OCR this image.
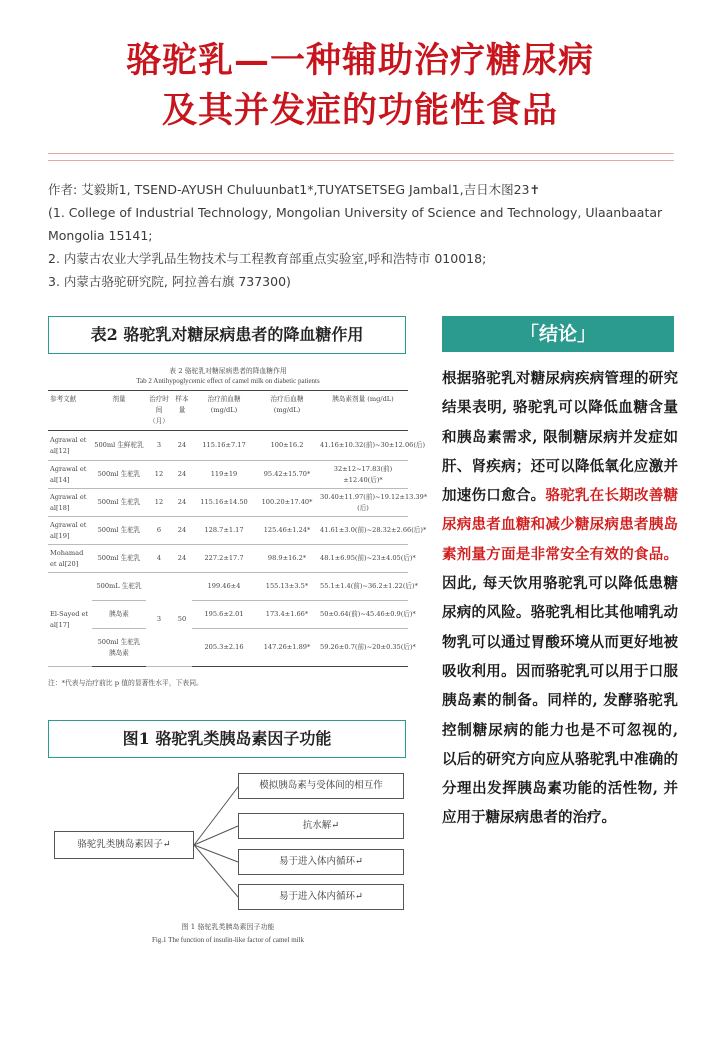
骆驼乳—一种辅助治疗糖尿病
及其并发症的功能性食品
作者: 艾毅斯1, TSEND-AYUSH Chuluunbat1*,TUYATSETSEG Jambal1,吉日木图23✝
(1. College of Industrial Technology, Mongolian University of Science and Technology, Ulaanbaatar
Mongolia 15141;
2. 内蒙古农业大学乳品生物技术与工程教育部重点实验室,呼和浩特市 010018;
3. 内蒙古骆驼研究院, 阿拉善右旗 737300)
表2 骆驼乳对糖尿病患者的降血糖作用
表 2 骆驼乳对糖尿病患者的降血糖作用
Tab 2 Antihypoglycemic effect of camel milk on diabetic patients
参考文献	剂量	治疗时间（月）	样本量	治疗前血糖 (mg/dL)	治疗后血糖 (mg/dL)	胰岛素剂量 (mg/dL)
Agrawal et al[12]	500ml 生鲜驼乳	3	24	115.16±7.17	100±16.2	41.16±10.32(前)~30±12.06(后)
Agrawal et al[14]	500ml 生驼乳	12	24	119±19	95.42±15.70*	32±12~17.83(前)±12.40(后)*
Agrawal et al[18]	500ml 生驼乳	12	24	115.16±14.50	100.20±17.40*	30.40±11.97(前)~19.12±13.39*(后)
Agrawal et al[19]	500ml 生驼乳	6	24	128.7±1.17	125.46±1.24*	41.61±3.0(前)~28.32±2.66(后)*
Mohamad et al[20]	500ml 生驼乳	4	24	227.2±17.7	98.9±16.2*	48.1±6.95(前)~23±4.05(后)*
El-Sayed et al[17]	500mL 生驼乳	3	50	199.46±4	155.13±3.5*	55.1±1.4(前)~36.2±1.22(后)*
	胰岛素			195.6±2.01	173.4±1.66*	50±0.64(前)~45.46±0.9(后)*
	500ml 生驼乳 胰岛素			205.3±2.16	147.26±1.89*	59.26±0.7(前)~20±0.35(后)*
注：*代表与治疗前比 p 值的显著性水平，下表同。
图1 骆驼乳类胰岛素因子功能
骆驼乳类胰岛素因子↵
模拟胰岛素与受体间的相互作
抗水解↵
易于进入体内循环↵
易于进入体内循环↵
图 1 骆驼乳类胰岛素因子功能
Fig.1 The function of insulin-like factor of camel milk
「结论」
根据骆驼乳对糖尿病疾病管理的研究结果表明, 骆驼乳可以降低血糖含量和胰岛素需求, 限制糖尿病并发症如肝、肾疾病；还可以降低氧化应激并加速伤口愈合。骆驼乳在长期改善糖尿病患者血糖和减少糖尿病患者胰岛素剂量方面是非常安全有效的食品。因此, 每天饮用骆驼乳可以降低患糖尿病的风险。骆驼乳相比其他哺乳动物乳可以通过胃酸环境从而更好地被吸收利用。因而骆驼乳可以用于口服胰岛素的制备。同样的, 发酵骆驼乳控制糖尿病的能力也是不可忽视的, 以后的研究方向应从骆驼乳中准确的分理出发挥胰岛素功能的活性物, 并应用于糖尿病患者的治疗。
